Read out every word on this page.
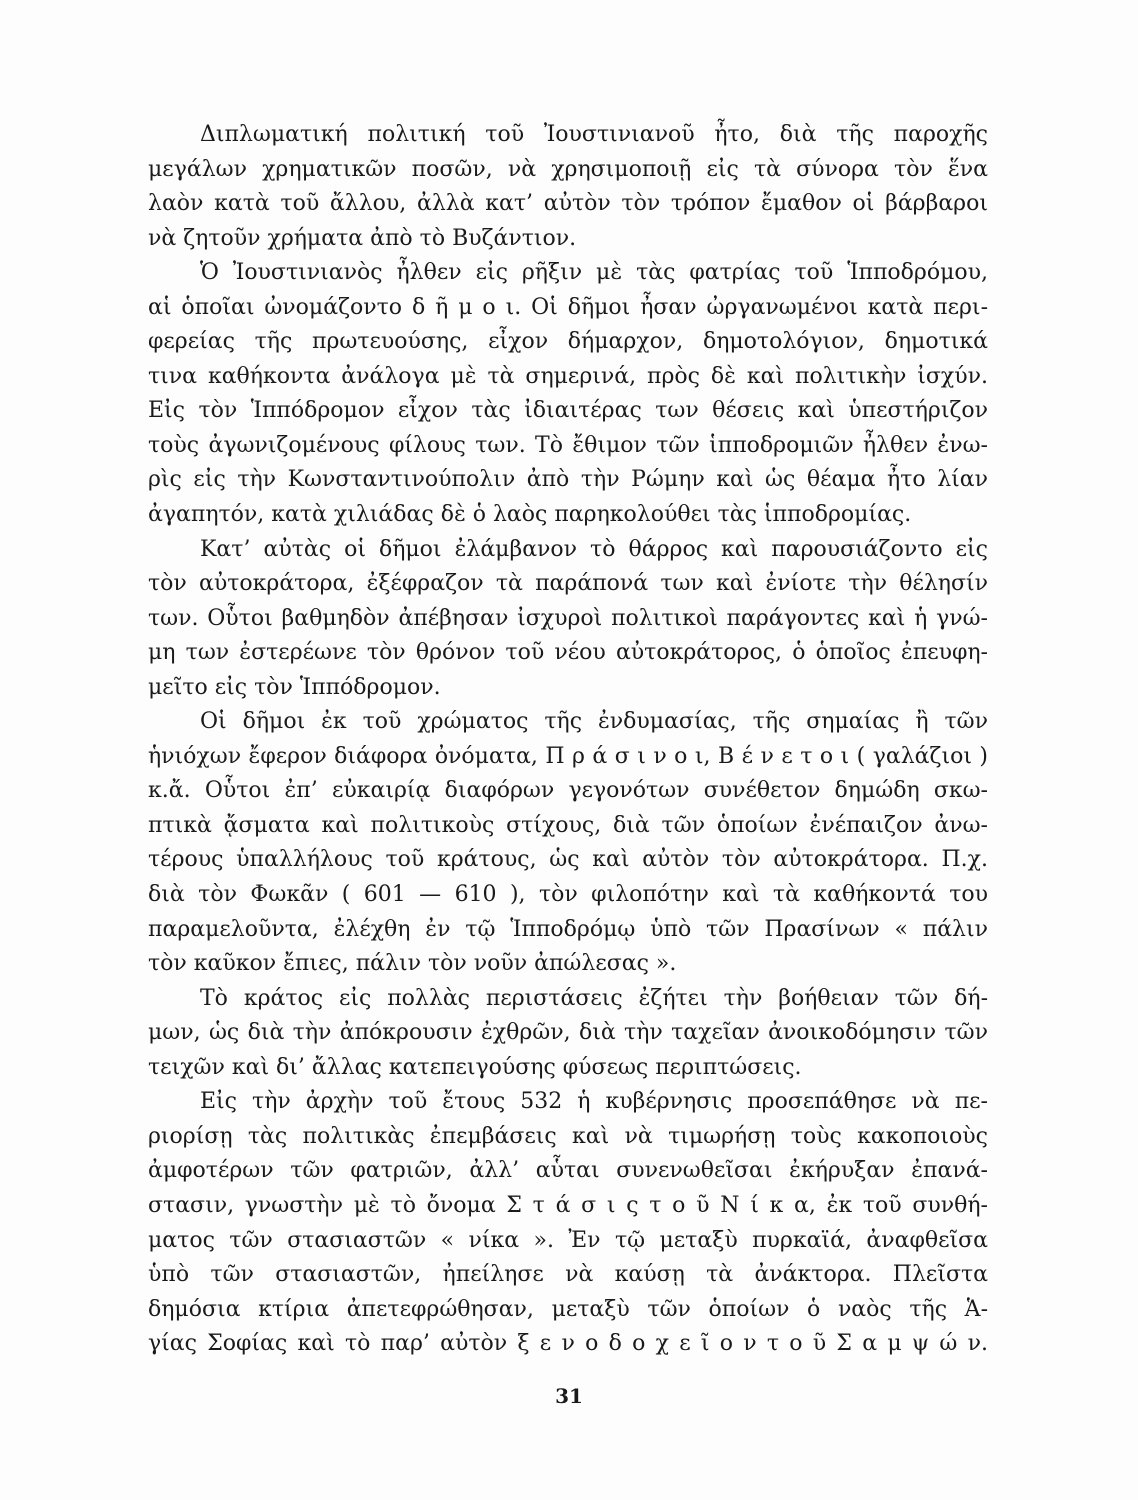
Διπλωματική πολιτική τοῦ Ἰουστινιανοῦ ἦτο, διὰ τῆς παροχῆς
μεγάλων χρηματικῶν ποσῶν, νὰ χρησιμοποιῇ εἰς τὰ σύνορα τὸν ἕνα
λαὸν κατὰ τοῦ ἄλλου, ἀλλὰ κατ’ αὐτὸν τὸν τρόπον ἔμαθον οἱ βάρβαροι
νὰ ζητοῦν χρήματα ἀπὸ τὸ Βυζάντιον.
Ὁ Ἰουστινιανὸς ἦλθεν εἰς ρῆξιν μὲ τὰς φατρίας τοῦ Ἱπποδρόμου,
αἱ ὁποῖαι ὠνομάζοντο δ ῆ μ ο ι. Οἱ δῆμοι ἦσαν ὠργανωμένοι κατὰ περι-
φερείας τῆς πρωτευούσης, εἶχον δήμαρχον, δημοτολόγιον, δημοτικά
τινα καθήκοντα ἀνάλογα μὲ τὰ σημερινά, πρὸς δὲ καὶ πολιτικὴν ἰσχύν.
Εἰς τὸν Ἱππόδρομον εἶχον τὰς ἰδιαιτέρας των θέσεις καὶ ὑπεστήριζον
τοὺς ἀγωνιζομένους φίλους των. Τὸ ἔθιμον τῶν ἱπποδρομιῶν ἦλθεν ἐνω-
ρὶς εἰς τὴν Κωνσταντινούπολιν ἀπὸ τὴν Ρώμην καὶ ὡς θέαμα ἦτο λίαν
ἀγαπητόν, κατὰ χιλιάδας δὲ ὁ λαὸς παρηκολούθει τὰς ἱπποδρομίας.
Κατ’ αὐτὰς οἱ δῆμοι ἐλάμβανον τὸ θάρρος καὶ παρουσιάζοντο εἰς
τὸν αὐτοκράτορα, ἐξέφραζον τὰ παράπονά των καὶ ἐνίοτε τὴν θέλησίν
των. Οὗτοι βαθμηδὸν ἀπέβησαν ἰσχυροὶ πολιτικοὶ παράγοντες καὶ ἡ γνώ-
μη των ἐστερέωνε τὸν θρόνον τοῦ νέου αὐτοκράτορος, ὁ ὁποῖος ἐπευφη-
μεῖτο εἰς τὸν Ἱππόδρομον.
Οἱ δῆμοι ἐκ τοῦ χρώματος τῆς ἐνδυμασίας, τῆς σημαίας ἢ τῶν
ἡνιόχων ἔφερον διάφορα ὀνόματα, Π ρ ά σ ι ν ο ι, Β έ ν ε τ ο ι ( γαλάζιοι )
κ.ἄ. Οὗτοι ἐπ’ εὐκαιρίᾳ διαφόρων γεγονότων συνέθετον δημώδη σκω-
πτικὰ ᾄσματα καὶ πολιτικοὺς στίχους, διὰ τῶν ὁποίων ἐνέπαιζον ἀνω-
τέρους ὑπαλλήλους τοῦ κράτους, ὡς καὶ αὐτὸν τὸν αὐτοκράτορα. Π.χ.
διὰ τὸν Φωκᾶν ( 601 — 610 ), τὸν φιλοπότην καὶ τὰ καθήκοντά του
παραμελοῦντα, ἐλέχθη ἐν τῷ Ἱπποδρόμῳ ὑπὸ τῶν Πρασίνων « πάλιν
τὸν καῦκον ἔπιες, πάλιν τὸν νοῦν ἀπώλεσας ».
Τὸ κράτος εἰς πολλὰς περιστάσεις ἐζήτει τὴν βοήθειαν τῶν δή-
μων, ὡς διὰ τὴν ἀπόκρουσιν ἐχθρῶν, διὰ τὴν ταχεῖαν ἀνοικοδόμησιν τῶν
τειχῶν καὶ δι’ ἄλλας κατεπειγούσης φύσεως περιπτώσεις.
Εἰς τὴν ἀρχὴν τοῦ ἔτους 532 ἡ κυβέρνησις προσεπάθησε νὰ πε-
ριορίσῃ τὰς πολιτικὰς ἐπεμβάσεις καὶ νὰ τιμωρήσῃ τοὺς κακοποιοὺς
ἀμφοτέρων τῶν φατριῶν, ἀλλ’ αὗται συνενωθεῖσαι ἐκήρυξαν ἐπανά-
στασιν, γνωστὴν μὲ τὸ ὄνομα Σ τ ά σ ι ς τ ο ῦ Ν ί κ α, ἐκ τοῦ συνθή-
ματος τῶν στασιαστῶν « νίκα ». Ἐν τῷ μεταξὺ πυρκαϊά, ἀναφθεῖσα
ὑπὸ τῶν στασιαστῶν, ἠπείλησε νὰ καύσῃ τὰ ἀνάκτορα. Πλεῖστα
δημόσια κτίρια ἀπετεφρώθησαν, μεταξὺ τῶν ὁποίων ὁ ναὸς τῆς Ἁ-
γίας Σοφίας καὶ τὸ παρ’ αὐτὸν ξ ε ν ο δ ο χ ε ῖ ο ν τ ο ῦ Σ α μ ψ ώ ν.
31
